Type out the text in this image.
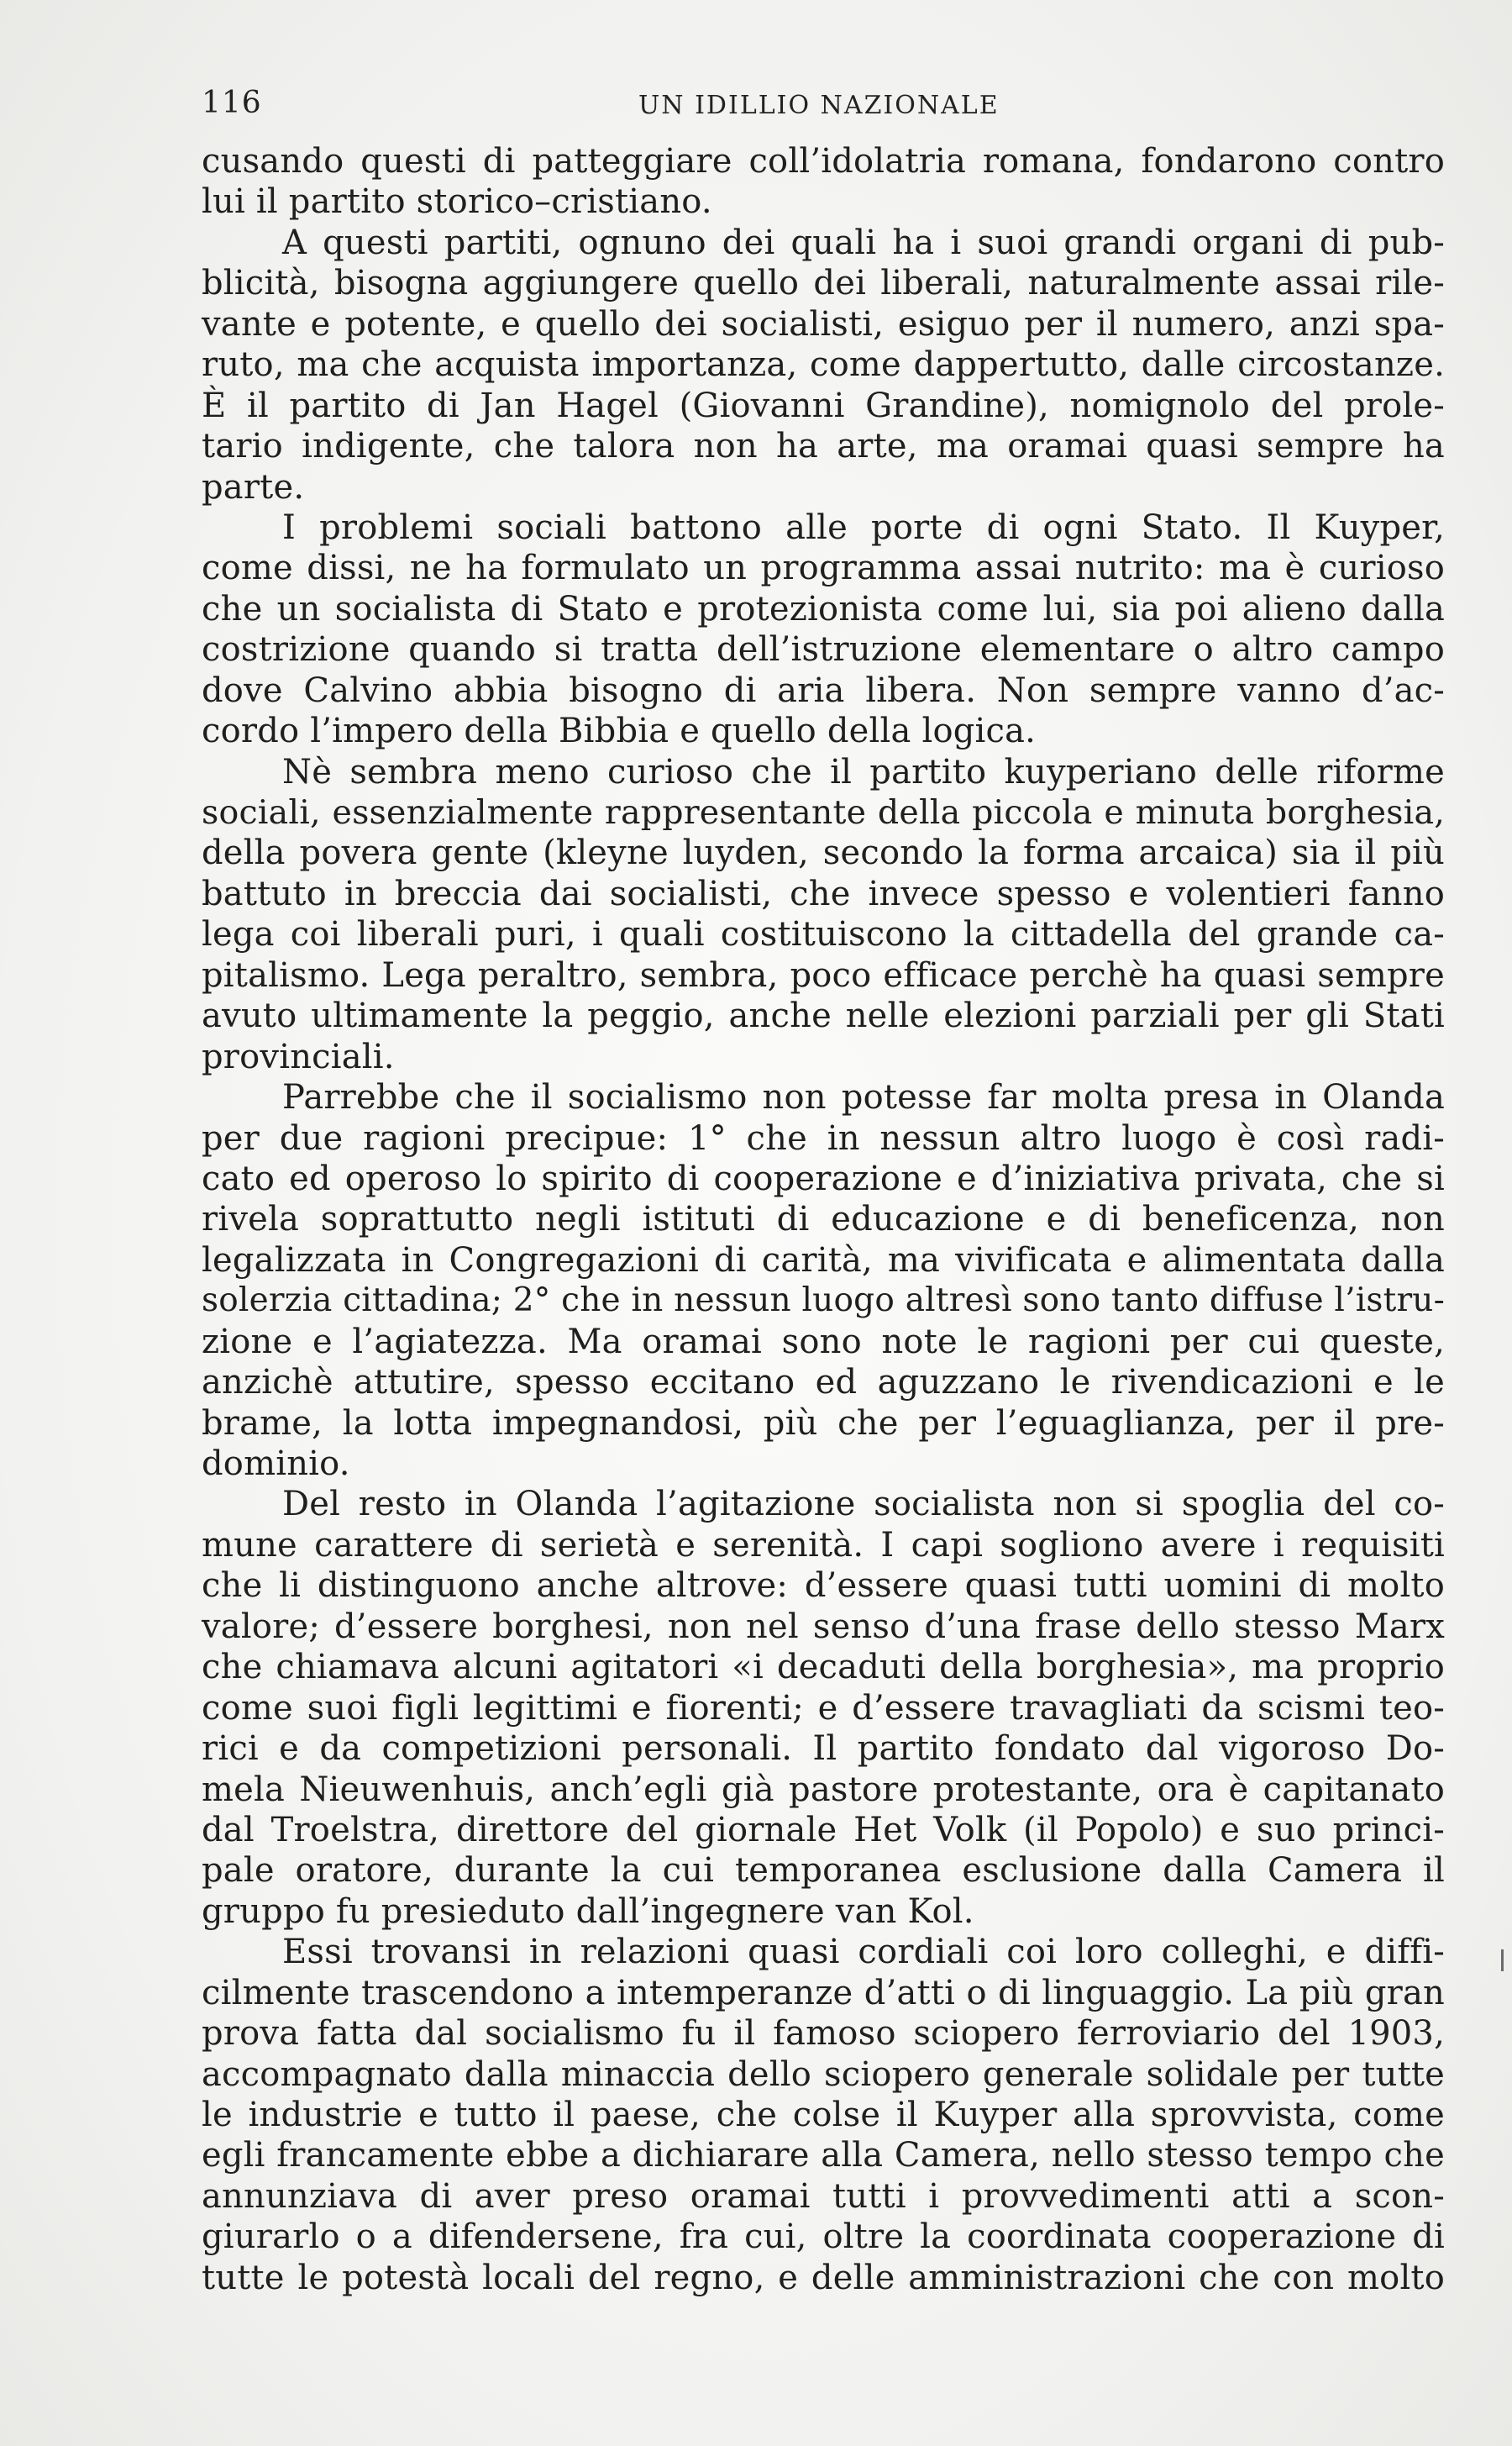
116	UN IDILLIO NAZIONALE
cusando questi di patteggiare coll’idolatria romana, fondarono contro
lui il partito storico–cristiano.
A questi partiti, ognuno dei quali ha i suoi grandi organi di pub-
blicità, bisogna aggiungere quello dei liberali, naturalmente assai rile-
vante e potente, e quello dei socialisti, esiguo per il numero, anzi spa-
ruto, ma che acquista importanza, come dappertutto, dalle circostanze.
È il partito di Jan Hagel (Giovanni Grandine), nomignolo del prole-
tario indigente, che talora non ha arte, ma oramai quasi sempre ha
parte.
I problemi sociali battono alle porte di ogni Stato. Il Kuyper,
come dissi, ne ha formulato un programma assai nutrito: ma è curioso
che un socialista di Stato e protezionista come lui, sia poi alieno dalla
costrizione quando si tratta dell’istruzione elementare o altro campo
dove Calvino abbia bisogno di aria libera. Non sempre vanno d’ac-
cordo l’impero della Bibbia e quello della logica.
Nè sembra meno curioso che il partito kuyperiano delle riforme
sociali, essenzialmente rappresentante della piccola e minuta borghesia,
della povera gente (kleyne luyden, secondo la forma arcaica) sia il più
battuto in breccia dai socialisti, che invece spesso e volentieri fanno
lega coi liberali puri, i quali costituiscono la cittadella del grande ca-
pitalismo. Lega peraltro, sembra, poco efficace perchè ha quasi sempre
avuto ultimamente la peggio, anche nelle elezioni parziali per gli Stati
provinciali.
Parrebbe che il socialismo non potesse far molta presa in Olanda
per due ragioni precipue: 1° che in nessun altro luogo è così radi-
cato ed operoso lo spirito di cooperazione e d’iniziativa privata, che si
rivela soprattutto negli istituti di educazione e di beneficenza, non
legalizzata in Congregazioni di carità, ma vivificata e alimentata dalla
solerzia cittadina; 2° che in nessun luogo altresì sono tanto diffuse l’istru-
zione e l’agiatezza. Ma oramai sono note le ragioni per cui queste,
anzichè attutire, spesso eccitano ed aguzzano le rivendicazioni e le
brame, la lotta impegnandosi, più che per l’eguaglianza, per il pre-
dominio.
Del resto in Olanda l’agitazione socialista non si spoglia del co-
mune carattere di serietà e serenità. I capi sogliono avere i requisiti
che li distinguono anche altrove: d’essere quasi tutti uomini di molto
valore; d’essere borghesi, non nel senso d’una frase dello stesso Marx
che chiamava alcuni agitatori «i decaduti della borghesia», ma proprio
come suoi figli legittimi e fiorenti; e d’essere travagliati da scismi teo-
rici e da competizioni personali. Il partito fondato dal vigoroso Do-
mela Nieuwenhuis, anch’egli già pastore protestante, ora è capitanato
dal Troelstra, direttore del giornale Het Volk (il Popolo) e suo princi-
pale oratore, durante la cui temporanea esclusione dalla Camera il
gruppo fu presieduto dall’ingegnere van Kol.
Essi trovansi in relazioni quasi cordiali coi loro colleghi, e diffi-
cilmente trascendono a intemperanze d’atti o di linguaggio. La più gran
prova fatta dal socialismo fu il famoso sciopero ferroviario del 1903,
accompagnato dalla minaccia dello sciopero generale solidale per tutte
le industrie e tutto il paese, che colse il Kuyper alla sprovvista, come
egli francamente ebbe a dichiarare alla Camera, nello stesso tempo che
annunziava di aver preso oramai tutti i provvedimenti atti a scon-
giurarlo o a difendersene, fra cui, oltre la coordinata cooperazione di
tutte le potestà locali del regno, e delle amministrazioni che con molto
